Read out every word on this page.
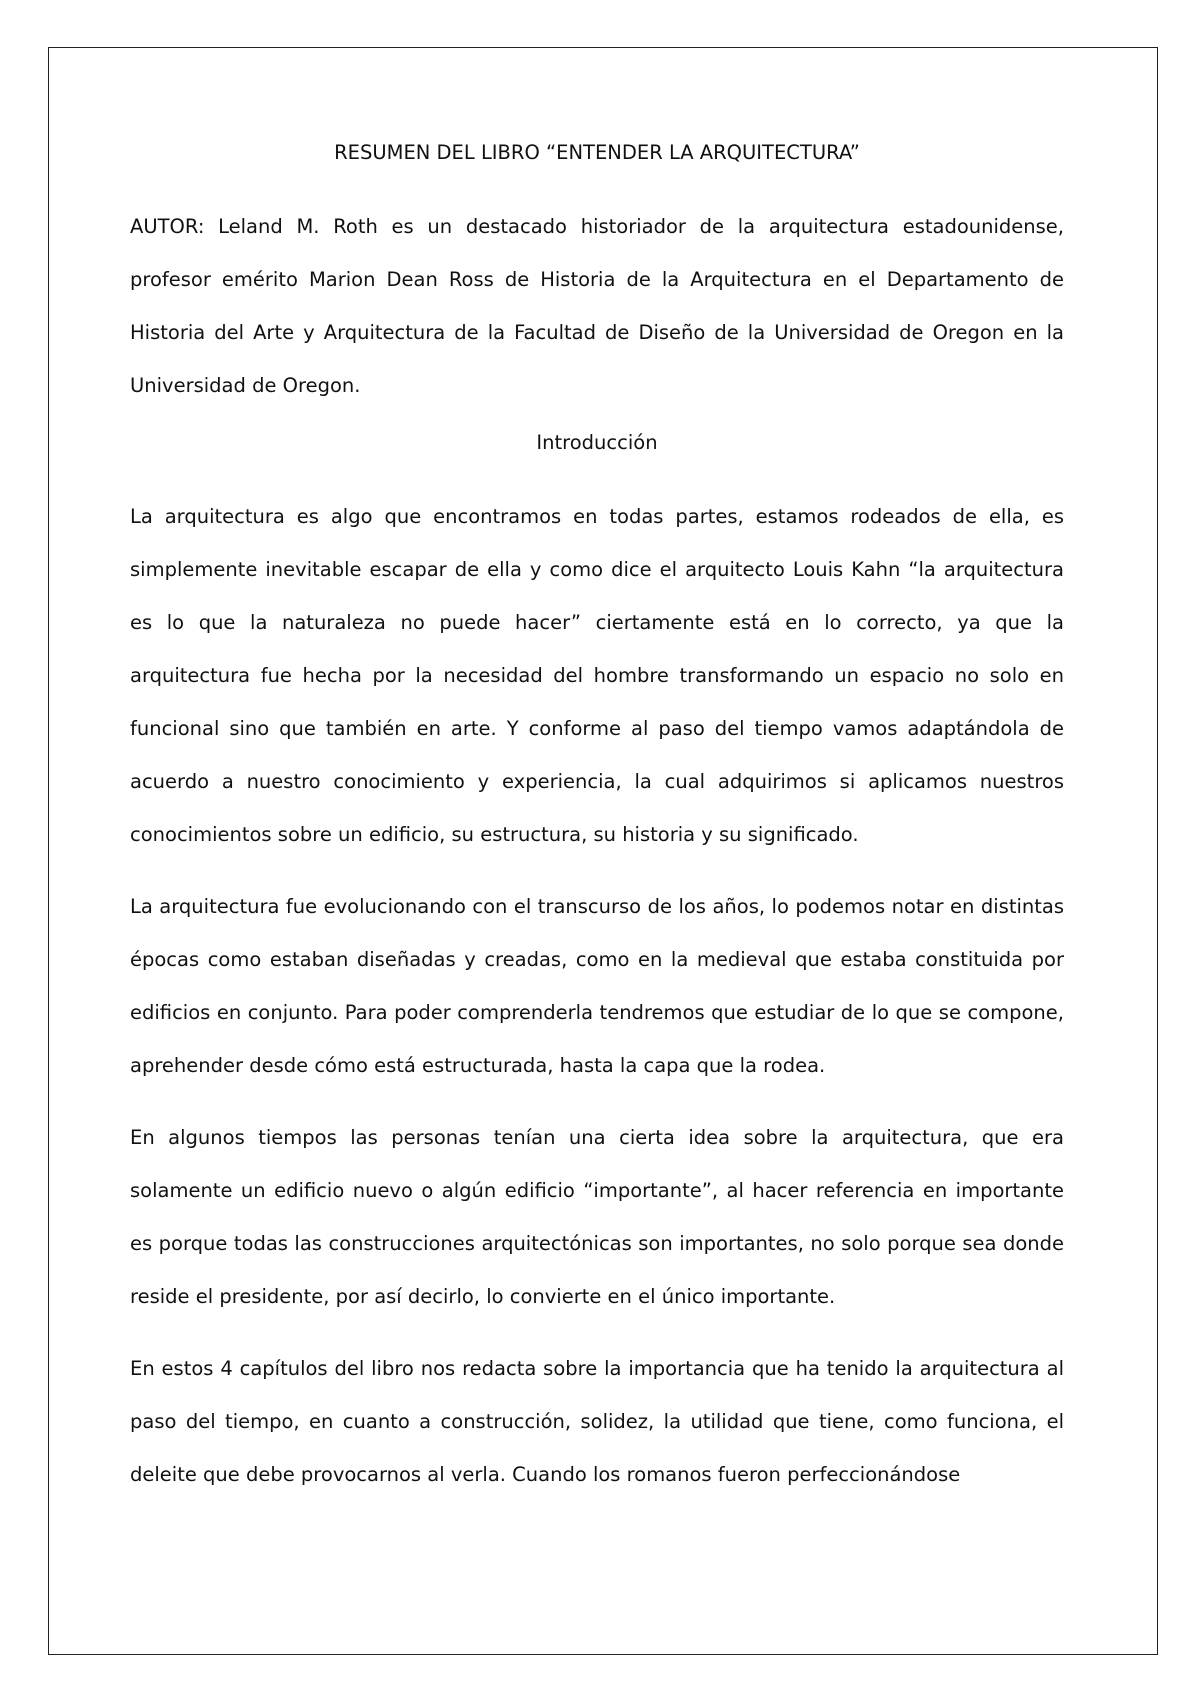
RESUMEN DEL LIBRO “ENTENDER LA ARQUITECTURA”

AUTOR: Leland M. Roth es un destacado historiador de la arquitectura estadounidense, profesor emérito Marion Dean Ross de Historia de la Arquitectura en el Departamento de Historia del Arte y Arquitectura de la Facultad de Diseño de la Universidad de Oregon en la Universidad de Oregon.

Introducción

La arquitectura es algo que encontramos en todas partes, estamos rodeados de ella, es simplemente inevitable escapar de ella y como dice el arquitecto Louis Kahn “la arquitectura es lo que la naturaleza no puede hacer” ciertamente está en lo correcto, ya que la arquitectura fue hecha por la necesidad del hombre transformando un espacio no solo en funcional sino que también en arte. Y conforme al paso del tiempo vamos adaptándola de acuerdo a nuestro conocimiento y experiencia, la cual adquirimos si aplicamos nuestros conocimientos sobre un edificio, su estructura, su historia y su significado.

La arquitectura fue evolucionando con el transcurso de los años, lo podemos notar en distintas épocas como estaban diseñadas y creadas, como en la medieval que estaba constituida por edificios en conjunto. Para poder comprenderla tendremos que estudiar de lo que se compone, aprehender desde cómo está estructurada, hasta la capa que la rodea.

En algunos tiempos las personas tenían una cierta idea sobre la arquitectura, que era solamente un edificio nuevo o algún edificio “importante”, al hacer referencia en importante es porque todas las construcciones arquitectónicas son importantes, no solo porque sea donde reside el presidente, por así decirlo, lo convierte en el único importante.

En estos 4 capítulos del libro nos redacta sobre la importancia que ha tenido la arquitectura al paso del tiempo, en cuanto a construcción, solidez, la utilidad que tiene, como funciona, el deleite que debe provocarnos al verla. Cuando los romanos fueron perfeccionándose
